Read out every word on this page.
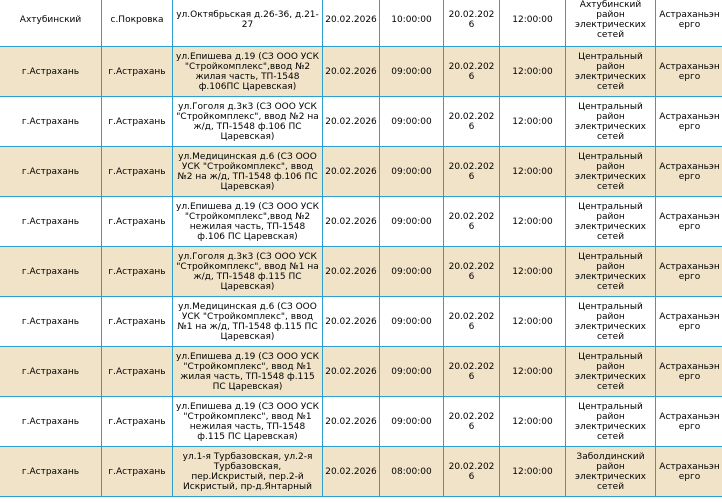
Ахтубинский	с.Покровка	ул.Октябрьская д.26-36, д.21-27	20.02.2026	10:00:00	20.02.2026	12:00:00	Ахтубинский район электрических сетей	Астраханьэнерго
г.Астрахань	г.Астрахань	ул.Епишева д.19 (СЗ ООО УСК "Стройкомплекс",ввод №2 жилая часть, ТП-1548 ф.106ПС Царевская)	20.02.2026	09:00:00	20.02.2026	12:00:00	Центральный район электрических сетей	Астраханьэнерго
г.Астрахань	г.Астрахань	ул.Гоголя д.3к3 (СЗ ООО УСК "Стройкомплекс", ввод №2 на ж/д, ТП-1548 ф.106 ПС Царевская)	20.02.2026	09:00:00	20.02.2026	12:00:00	Центральный район электрических сетей	Астраханьэнерго
г.Астрахань	г.Астрахань	ул.Медицинская д.6 (СЗ ООО УСК "Стройкомплекс", ввод №2 на ж/д, ТП-1548 ф.106 ПС Царевская)	20.02.2026	09:00:00	20.02.2026	12:00:00	Центральный район электрических сетей	Астраханьэнерго
г.Астрахань	г.Астрахань	ул.Епишева д.19 (СЗ ООО УСК "Стройкомплекс",ввод №2 нежилая часть, ТП-1548 ф.106 ПС Царевская)	20.02.2026	09:00:00	20.02.2026	12:00:00	Центральный район электрических сетей	Астраханьэнерго
г.Астрахань	г.Астрахань	ул.Гоголя д.3к3 (СЗ ООО УСК "Стройкомплекс", ввод №1 на ж/д, ТП-1548 ф.115 ПС Царевская)	20.02.2026	09:00:00	20.02.2026	12:00:00	Центральный район электрических сетей	Астраханьэнерго
г.Астрахань	г.Астрахань	ул.Медицинская д.6 (СЗ ООО УСК "Стройкомплекс", ввод №1 на ж/д, ТП-1548 ф.115 ПС Царевская)	20.02.2026	09:00:00	20.02.2026	12:00:00	Центральный район электрических сетей	Астраханьэнерго
г.Астрахань	г.Астрахань	ул.Епишева д.19 (СЗ ООО УСК "Стройкомплекс", ввод №1 жилая часть, ТП-1548 ф.115 ПС Царевская)	20.02.2026	09:00:00	20.02.2026	12:00:00	Центральный район электрических сетей	Астраханьэнерго
г.Астрахань	г.Астрахань	ул.Епишева д.19 (СЗ ООО УСК "Стройкомплекс", ввод №1 нежилая часть, ТП-1548 ф.115 ПС Царевская)	20.02.2026	09:00:00	20.02.2026	12:00:00	Центральный район электрических сетей	Астраханьэнерго
г.Астрахань	г.Астрахань	ул.1-я Турбазовская, ул.2-я Турбазовская, пер.Искристый, пер.2-й Искристый, пр-д.Янтарный	20.02.2026	08:00:00	20.02.2026	12:00:00	Заболдинский район электрических сетей	Астраханьэнерго
